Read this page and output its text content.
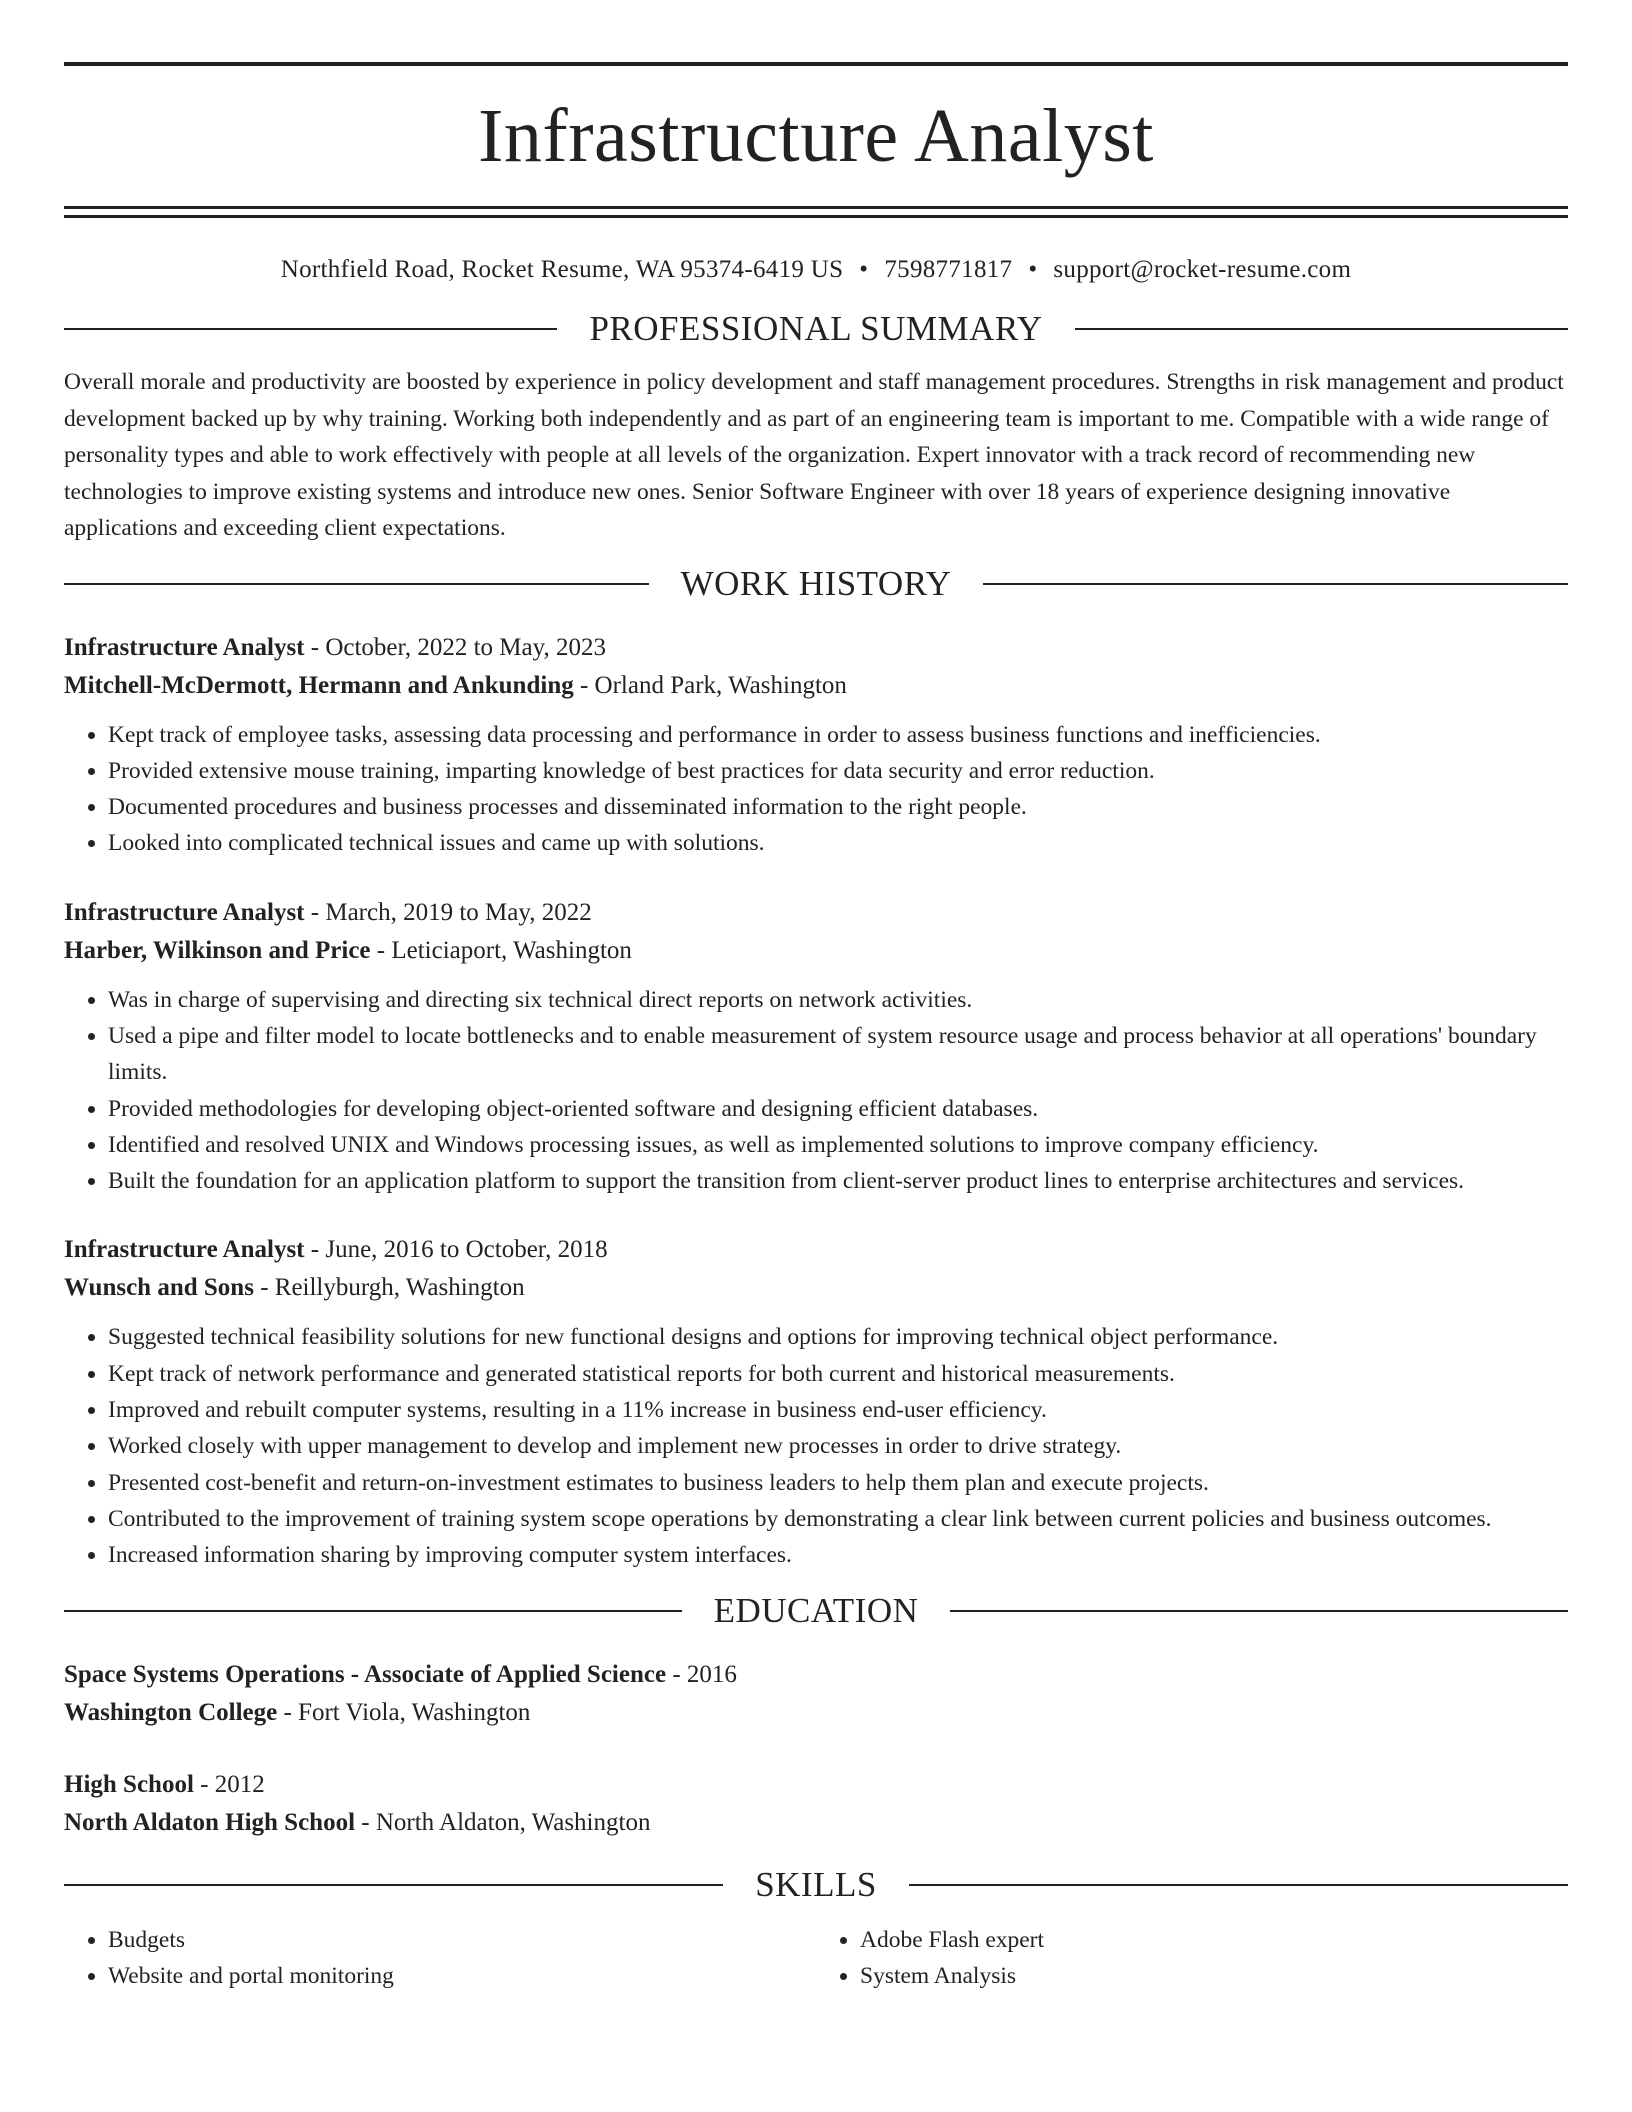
Infrastructure Analyst
Northfield Road, Rocket Resume, WA 95374-6419 US • 7598771817 • support@rocket-resume.com
PROFESSIONAL SUMMARY
Overall morale and productivity are boosted by experience in policy development and staff management procedures. Strengths in risk management and product development backed up by why training. Working both independently and as part of an engineering team is important to me. Compatible with a wide range of personality types and able to work effectively with people at all levels of the organization. Expert innovator with a track record of recommending new technologies to improve existing systems and introduce new ones. Senior Software Engineer with over 18 years of experience designing innovative applications and exceeding client expectations.
WORK HISTORY
Infrastructure Analyst - October, 2022 to May, 2023
Mitchell-McDermott, Hermann and Ankunding - Orland Park, Washington
• Kept track of employee tasks, assessing data processing and performance in order to assess business functions and inefficiencies.
• Provided extensive mouse training, imparting knowledge of best practices for data security and error reduction.
• Documented procedures and business processes and disseminated information to the right people.
• Looked into complicated technical issues and came up with solutions.
Infrastructure Analyst - March, 2019 to May, 2022
Harber, Wilkinson and Price - Leticiaport, Washington
• Was in charge of supervising and directing six technical direct reports on network activities.
• Used a pipe and filter model to locate bottlenecks and to enable measurement of system resource usage and process behavior at all operations' boundary limits.
• Provided methodologies for developing object-oriented software and designing efficient databases.
• Identified and resolved UNIX and Windows processing issues, as well as implemented solutions to improve company efficiency.
• Built the foundation for an application platform to support the transition from client-server product lines to enterprise architectures and services.
Infrastructure Analyst - June, 2016 to October, 2018
Wunsch and Sons - Reillyburgh, Washington
• Suggested technical feasibility solutions for new functional designs and options for improving technical object performance.
• Kept track of network performance and generated statistical reports for both current and historical measurements.
• Improved and rebuilt computer systems, resulting in a 11% increase in business end-user efficiency.
• Worked closely with upper management to develop and implement new processes in order to drive strategy.
• Presented cost-benefit and return-on-investment estimates to business leaders to help them plan and execute projects.
• Contributed to the improvement of training system scope operations by demonstrating a clear link between current policies and business outcomes.
• Increased information sharing by improving computer system interfaces.
EDUCATION
Space Systems Operations - Associate of Applied Science - 2016
Washington College - Fort Viola, Washington
High School - 2012
North Aldaton High School - North Aldaton, Washington
SKILLS
• Budgets
• Website and portal monitoring
• Adobe Flash expert
• System Analysis
